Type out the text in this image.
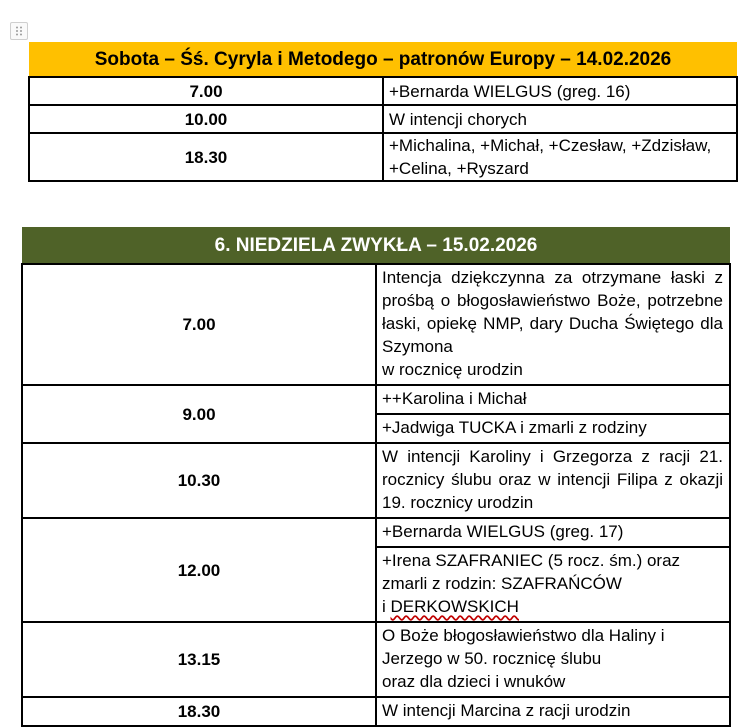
Sobota – Śś. Cyryla i Metodego – patronów Europy – 14.02.2026	
7.00	+Bernarda WIELGUS (greg. 16)
10.00	W intencji chorych
18.30	+Michalina, +Michał, +Czesław, +Zdzisław, +Celina, +Ryszard
6. NIEDZIELA ZWYKŁA – 15.02.2026	
7.00	Intencja dziękczynna za otrzymane łaski z prośbą o błogosławieństwo Boże, potrzebne łaski, opiekę NMP, dary Ducha Świętego dla Szymona
w rocznicę urodzin

9.00	++Karolina i Michał
	+Jadwiga TUCKA i zmarli z rodziny
10.30	W intencji Karoliny i Grzegorza z racji 21. rocznicy ślubu oraz w intencji Filipa z okazji 19. rocznicy urodzin
12.00	+Bernarda WIELGUS (greg. 17)

	+Irena SZAFRANIEC (5 rocz. śm.) oraz zmarli z rodzin: SZAFRAŃCÓW
i DERKOWSKICH

13.15	O Boże błogosławieństwo dla Haliny i Jerzego w 50. rocznicę ślubu
oraz dla dzieci i wnuków

18.30	W intencji Marcina z racji urodzin
